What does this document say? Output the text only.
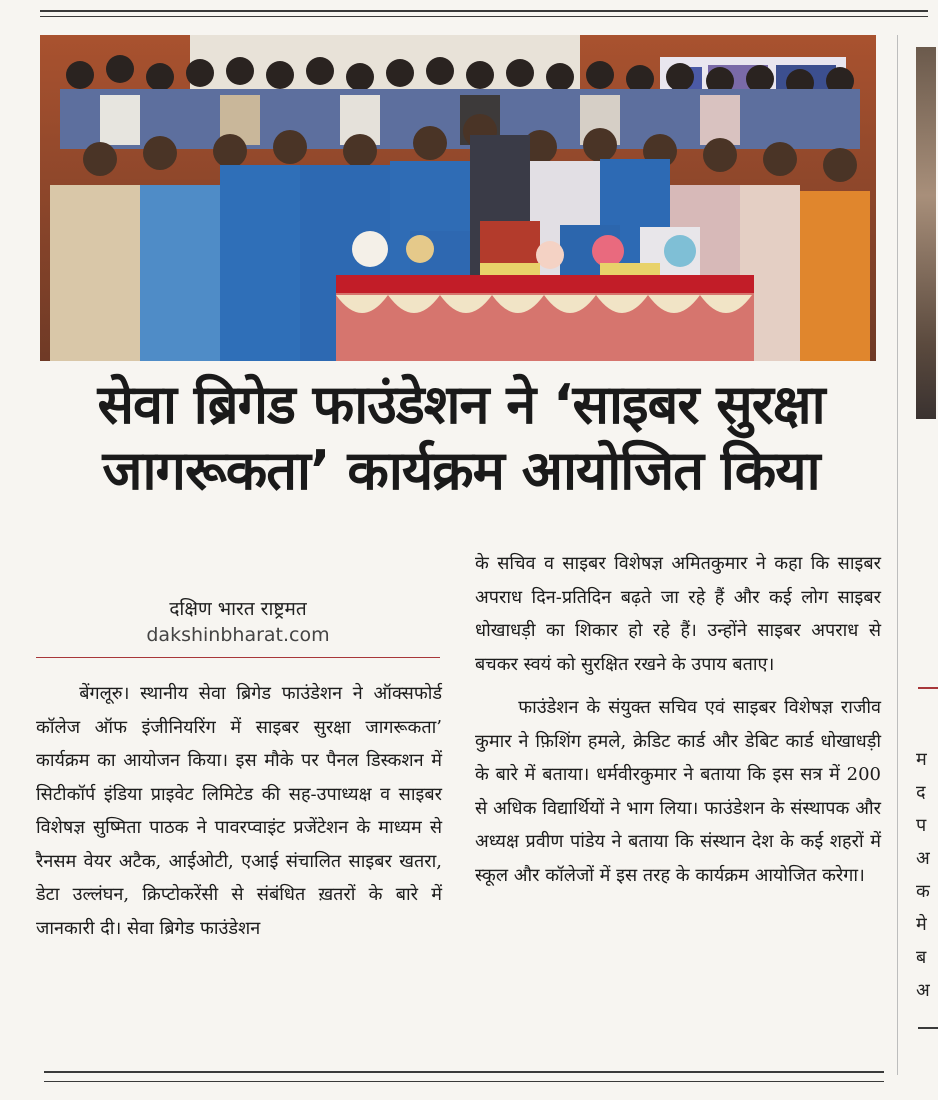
म
द
प
अ
क
मे
ब
अ
सेवा ब्रिगेड फाउंडेशन ने ‘साइबर सुरक्षा
जागरूकता’ कार्यक्रम आयोजित किया
दक्षिण भारत राष्ट्रमत
dakshinbharat.com

बेंगलूरु। स्थानीय सेवा ब्रिगेड फाउंडेशन ने ऑक्सफोर्ड कॉलेज ऑफ इंजीनियरिंग में साइबर सुरक्षा जागरूकता’ कार्यक्रम का आयोजन किया। इस मौके पर पैनल डिस्कशन में सिटीकॉर्प इंडिया प्राइवेट लिमिटेड की सह-उपाध्यक्ष व साइबर विशेषज्ञ सुष्मिता पाठक ने पावरप्वाइंट प्रजेंटेशन के माध्यम से रैनसम वेयर अटैक, आईओटी, एआई संचालित साइबर खतरा, डेटा उल्लंघन, क्रिप्टोकरेंसी से संबंधित ख़तरों के बारे में जानकारी दी। सेवा ब्रिगेड फाउंडेशन

के सचिव व साइबर विशेषज्ञ अमितकुमार ने कहा कि साइबर अपराध दिन-प्रतिदिन बढ़ते जा रहे हैं और कई लोग साइबर धोखाधड़ी का शिकार हो रहे हैं। उन्होंने साइबर अपराध से बचकर स्वयं को सुरक्षित रखने के उपाय बताए।

फाउंडेशन के संयुक्त सचिव एवं साइबर विशेषज्ञ राजीव कुमार ने फ़िशिंग हमले, क्रेडिट कार्ड और डेबिट कार्ड धोखाधड़ी के बारे में बताया। धर्मवीरकुमार ने बताया कि इस सत्र में 200 से अधिक विद्यार्थियों ने भाग लिया। फाउंडेशन के संस्थापक और अध्यक्ष प्रवीण पांडेय ने बताया कि संस्थान देश के कई शहरों में स्कूल और कॉलेजों में इस तरह के कार्यक्रम आयोजित करेगा।
